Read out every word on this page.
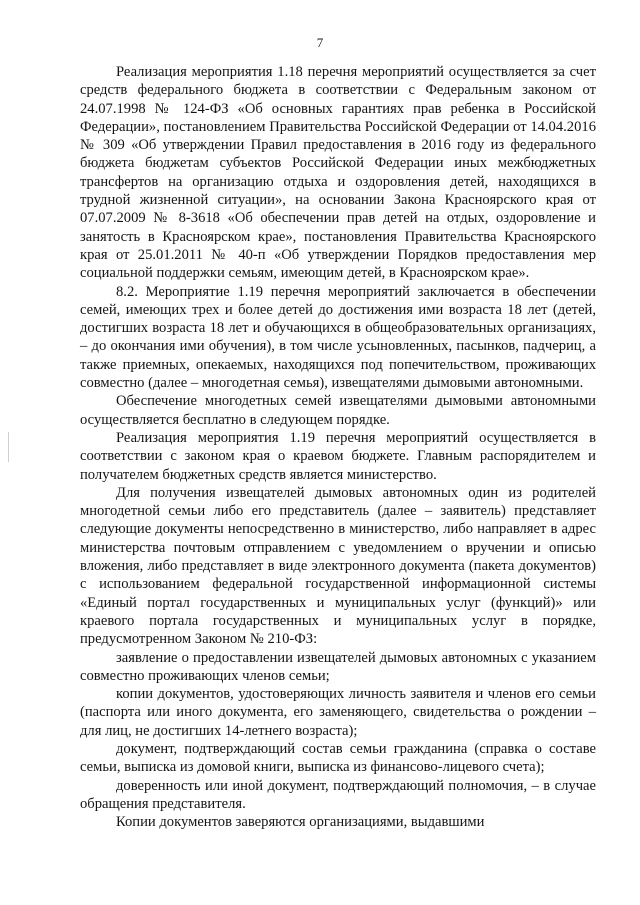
7

Реализация мероприятия 1.18 перечня мероприятий осуществляется за счет средств федерального бюджета в соответствии с Федеральным законом от 24.07.1998 № 124-ФЗ «Об основных гарантиях прав ребенка в Российской Федерации», постановлением Правительства Российской Федерации от 14.04.2016 № 309 «Об утверждении Правил предоставления в 2016 году из федерального бюджета бюджетам субъектов Российской Федерации иных межбюджетных трансфертов на организацию отдыха и оздоровления детей, находящихся в трудной жизненной ситуации», на основании Закона Красноярского края от 07.07.2009 № 8-3618 «Об обеспечении прав детей на отдых, оздоровление и занятость в Красноярском крае», постановления Правительства Красноярского края от 25.01.2011 № 40-п «Об утверждении Порядков предоставления мер социальной поддержки семьям, имеющим детей, в Красноярском крае».

8.2. Мероприятие 1.19 перечня мероприятий заключается в обеспечении семей, имеющих трех и более детей до достижения ими возраста 18 лет (детей, достигших возраста 18 лет и обучающихся в общеобразовательных организациях, – до окончания ими обучения), в том числе усыновленных, пасынков, падчериц, а также приемных, опекаемых, находящихся под попечительством, проживающих совместно (далее – многодетная семья), извещателями дымовыми автономными.

Обеспечение многодетных семей извещателями дымовыми автономными осуществляется бесплатно в следующем порядке.

Реализация мероприятия 1.19 перечня мероприятий осуществляется в соответствии с законом края о краевом бюджете. Главным распорядителем и получателем бюджетных средств является министерство.

Для получения извещателей дымовых автономных один из родителей многодетной семьи либо его представитель (далее – заявитель) представляет следующие документы непосредственно в министерство, либо направляет в адрес министерства почтовым отправлением с уведомлением о вручении и описью вложения, либо представляет в виде электронного документа (пакета документов) с использованием федеральной государственной информационной системы «Единый портал государственных и муниципальных услуг (функций)» или краевого портала государственных и муниципальных услуг в порядке, предусмотренном Законом № 210-ФЗ:

заявление о предоставлении извещателей дымовых автономных с указанием совместно проживающих членов семьи;

копии документов, удостоверяющих личность заявителя и членов его семьи (паспорта или иного документа, его заменяющего, свидетельства о рождении – для лиц, не достигших 14-летнего возраста);

документ, подтверждающий состав семьи гражданина (справка о составе семьи, выписка из домовой книги, выписка из финансово-лицевого счета);

доверенность или иной документ, подтверждающий полномочия, – в случае обращения представителя.

Копии документов заверяются организациями, выдавшими
